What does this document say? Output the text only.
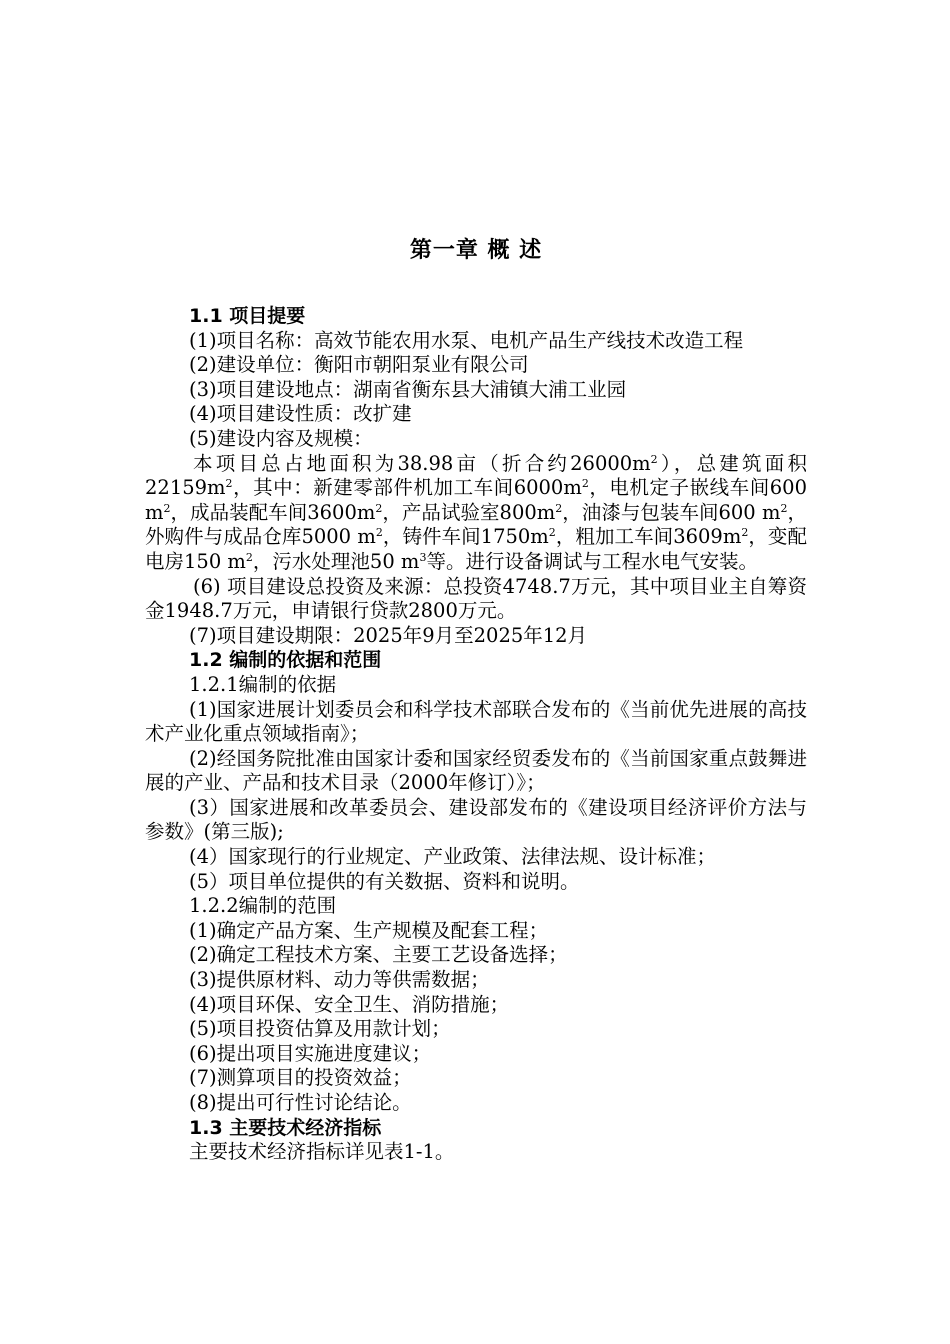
第一章 概 述
1.1 项目提要
(1)项目名称：高效节能农用水泵、电机产品生产线技术改造工程
(2)建设单位：衡阳市朝阳泵业有限公司
(3)项目建设地点：湖南省衡东县大浦镇大浦工业园
(4)项目建设性质：改扩建
(5)建设内容及规模：
本项目总占地面积为38.98亩（折合约$26000m^2$），总建筑面积$22159m^2$，其中：新建零部件机加工车间$6000m^2$，电机定子嵌线车间600 $m^2$，成品装配车间$3600m^2$，产品试验室$800m^2$，油漆与包装车间600 $m^2$，外购件与成品仓库5000 $m^2$，铸件车间$1750m^2$，粗加工车间$3609m^2$，变配电房150 $m^2$，污水处理池50 $m^3$等。进行设备调试与工程水电气安装。
(6) 项目建设总投资及来源：总投资4748.7万元，其中项目业主自筹资金1948.7万元，申请银行贷款2800万元。
(7)项目建设期限：2025年9月至2025年12月
1.2 编制的依据和范围
1.2.1编制的依据
(1)国家进展计划委员会和科学技术部联合发布的《当前优先进展的高技术产业化重点领域指南》；
(2)经国务院批准由国家计委和国家经贸委发布的《当前国家重点鼓舞进展的产业、产品和技术目录（2000年修订）》；
(3）国家进展和改革委员会、建设部发布的《建设项目经济评价方法与参数》(第三版);
(4）国家现行的行业规定、产业政策、法律法规、设计标准；
(5）项目单位提供的有关数据、资料和说明。
1.2.2编制的范围
(1)确定产品方案、生产规模及配套工程；
(2)确定工程技术方案、主要工艺设备选择；
(3)提供原材料、动力等供需数据；
(4)项目环保、安全卫生、消防措施；
(5)项目投资估算及用款计划；
(6)提出项目实施进度建议；
(7)测算项目的投资效益；
(8)提出可行性讨论结论。
1.3 主要技术经济指标
主要技术经济指标详见表1-1。
